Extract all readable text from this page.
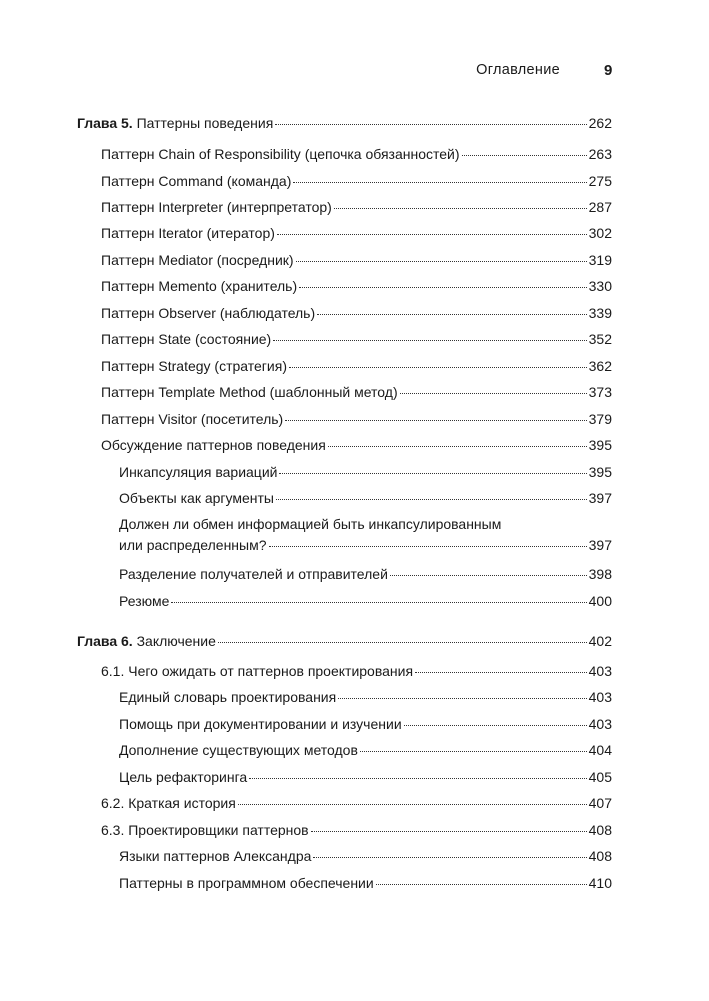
Оглавление	9
Глава 5. Паттерны поведения	262
Паттерн Chain of Responsibility (цепочка обязанностей)	263
Паттерн Command (команда)	275
Паттерн Interpreter (интерпретатор)	287
Паттерн Iterator (итератор)	302
Паттерн Mediator (посредник)	319
Паттерн Memento (хранитель)	330
Паттерн Observer (наблюдатель)	339
Паттерн State (состояние)	352
Паттерн Strategy (стратегия)	362
Паттерн Template Method (шаблонный метод)	373
Паттерн Visitor (посетитель)	379
Обсуждение паттернов поведения	395
Инкапсуляция вариаций	395
Объекты как аргументы	397
Должен ли обмен информацией быть инкапсулированным
или распределенным?	397
Разделение получателей и отправителей	398
Резюме	400
Глава 6. Заключение	402
6.1. Чего ожидать от паттернов проектирования	403
Единый словарь проектирования	403
Помощь при документировании и изучении	403
Дополнение существующих методов	404
Цель рефакторинга	405
6.2. Краткая история	407
6.3. Проектировщики паттернов	408
Языки паттернов Александра	408
Паттерны в программном обеспечении	410
